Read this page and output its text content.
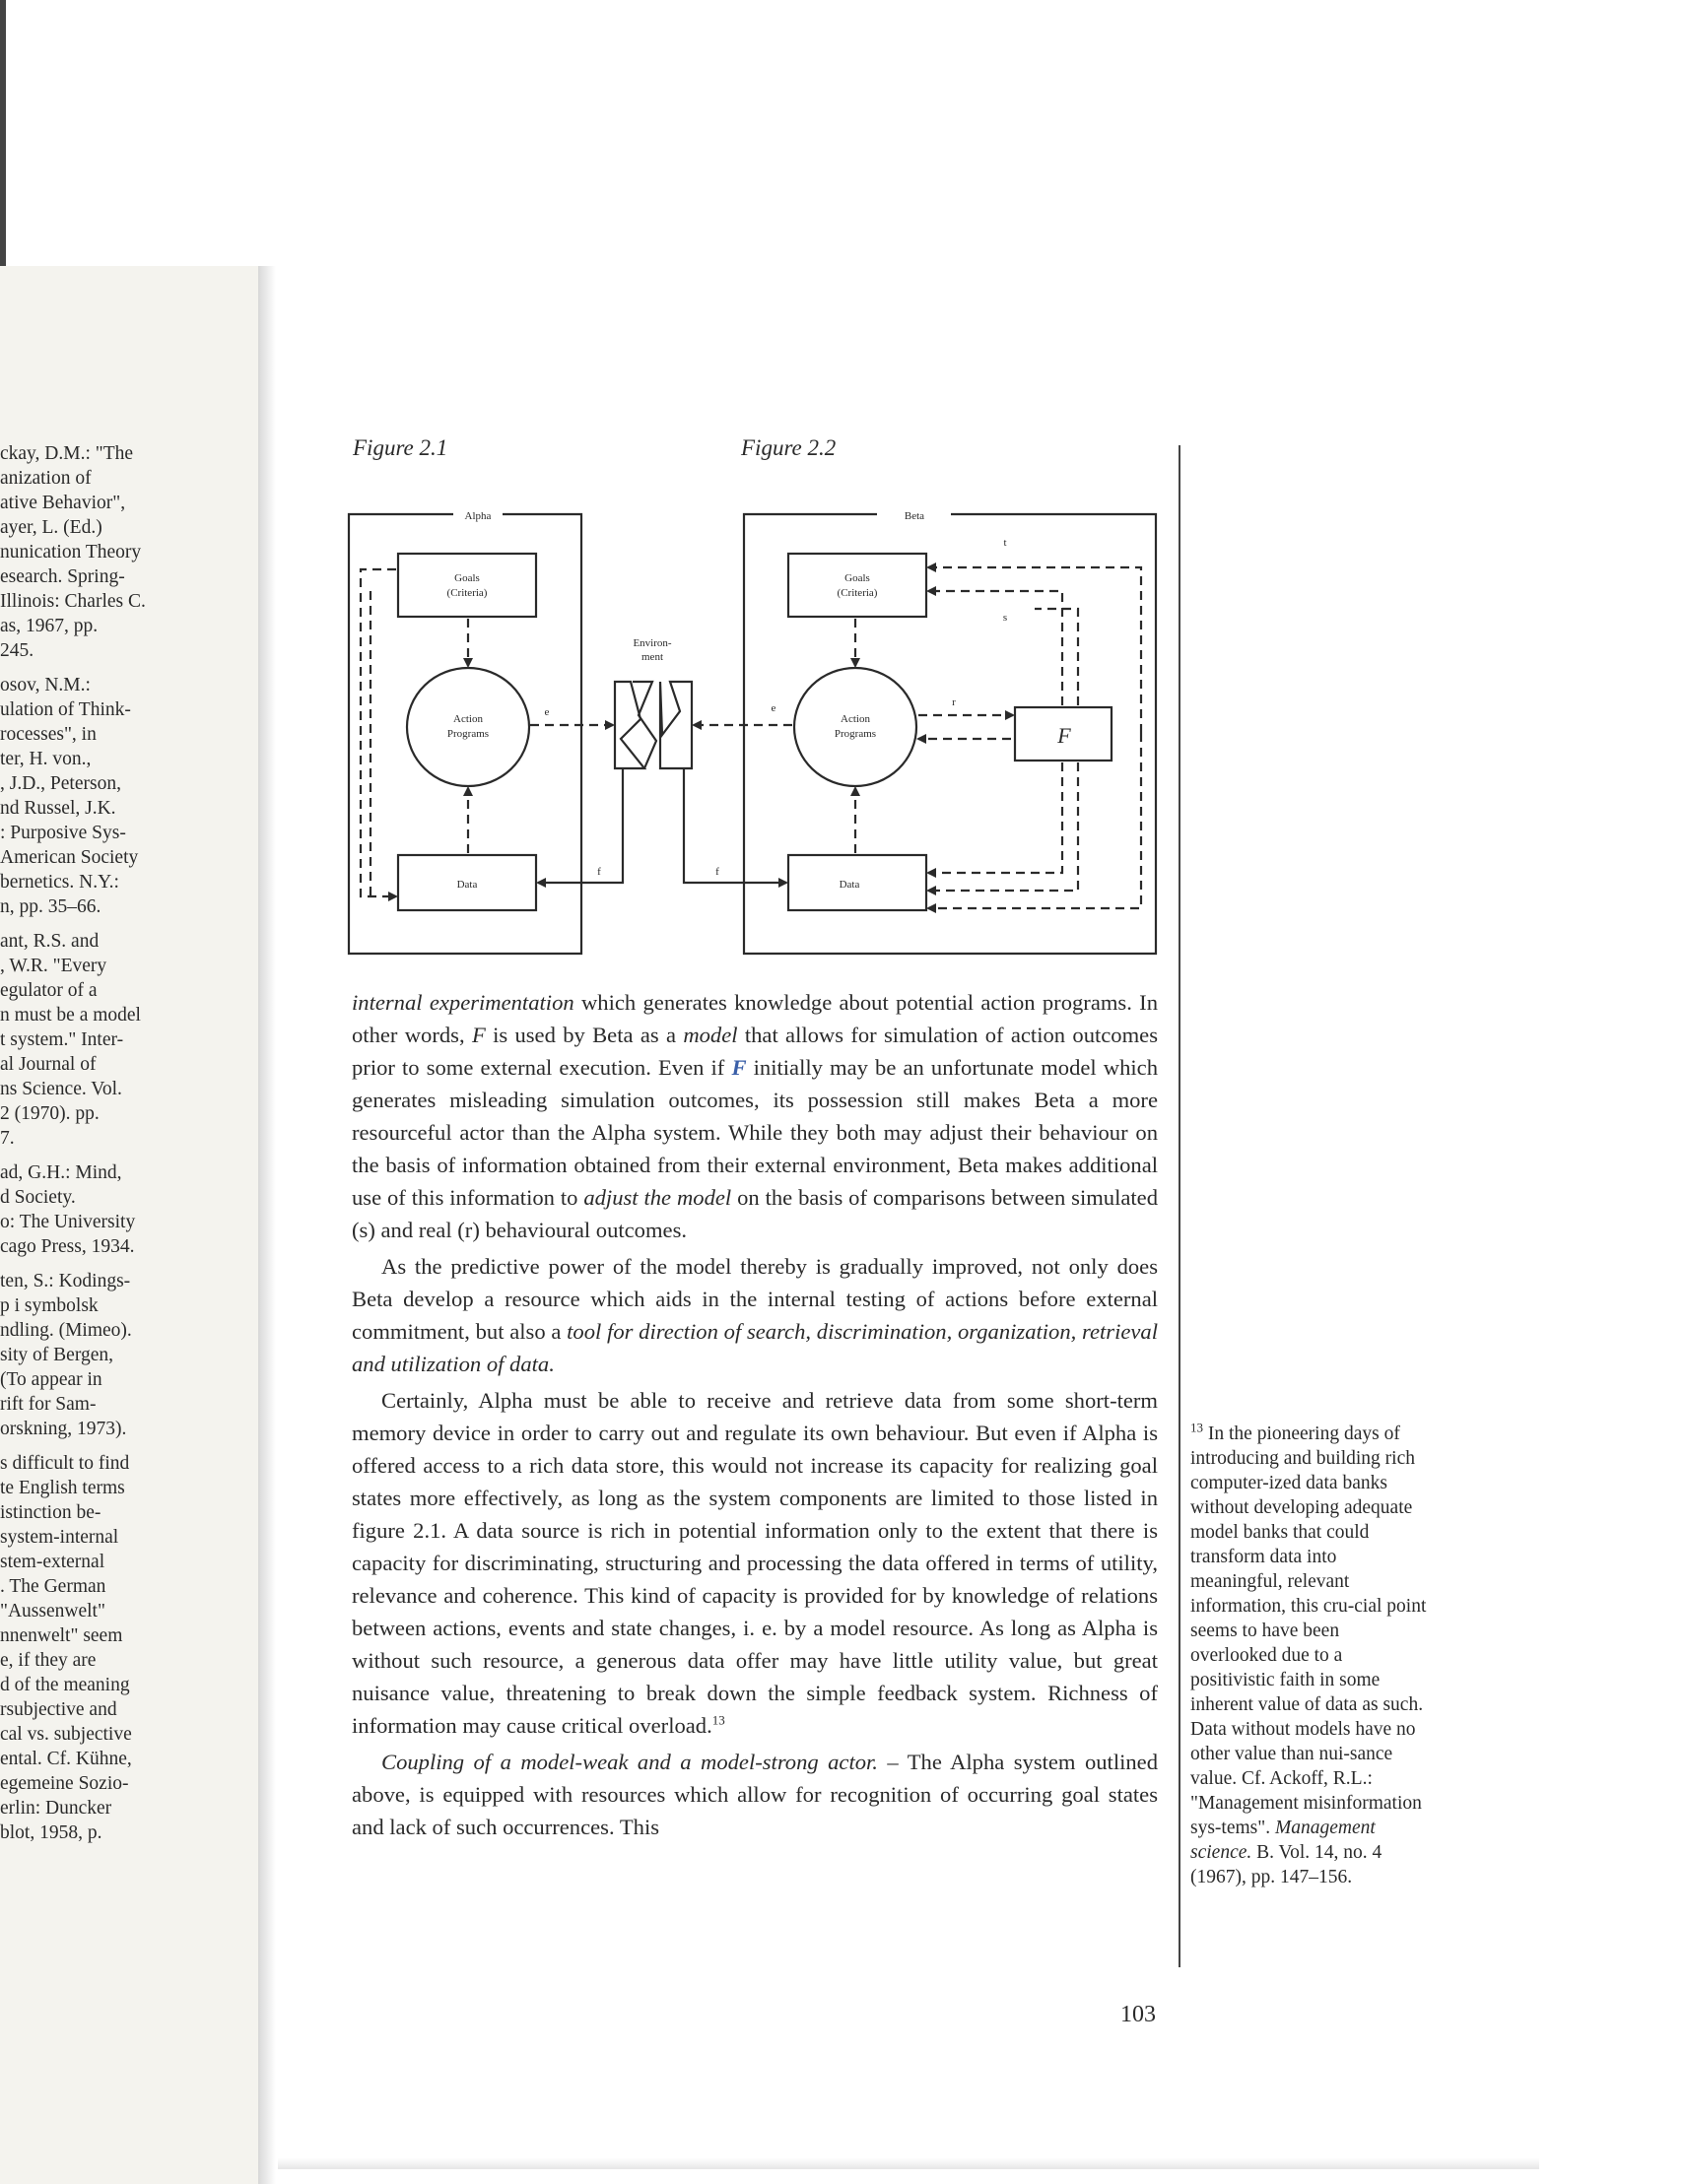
ckay, D.M.: "The
anization of
ative Behavior",
ayer, L. (Ed.)
nunication Theory
esearch. Spring-
Illinois: Charles C.
as, 1967, pp.
245.
osov, N.M.:
ulation of Think-
rocesses", in
ter, H. von.,
, J.D., Peterson,
nd Russel, J.K.
: Purposive Sys-
American Society
bernetics. N.Y.:
n, pp. 35–66.
ant, R.S. and
, W.R. "Every
egulator of a
n must be a model
t system." Inter-
al Journal of
ns Science. Vol.
2 (1970). pp.
7.
ad, G.H.: Mind,
d Society.
o: The University
cago Press, 1934.
ten, S.: Kodings-
p i symbolsk
ndling. (Mimeo).
sity of Bergen,
(To appear in
rift for Sam-
orskning, 1973).
s difficult to find
te English terms
istinction be-
system-internal
stem-external
. The German
"Aussenwelt"
nnenwelt" seem
e, if they are
d of the meaning
rsubjective and
cal vs. subjective
ental. Cf. Kühne,
egemeine Sozio-
erlin: Duncker
blot, 1958, p.
Figure 2.1	Figure 2.2
Alpha	Beta
Goals
(Criteria)
Goals
(Criteria)
Action
Programs
Action
Programs
Data	Data
Environ-
ment
e	e
f	f
r
s
t
F

internal experimentation which generates knowledge about potential action programs. In other words, F is used by Beta as a model that allows for simulation of action outcomes prior to some external execution. Even if F initially may be an unfortunate model which generates misleading simulation outcomes, its possession still makes Beta a more resourceful actor than the Alpha system. While they both may adjust their behaviour on the basis of information obtained from their external environment, Beta makes additional use of this information to adjust the model on the basis of comparisons between simulated (s) and real (r) behavioural outcomes.

As the predictive power of the model thereby is gradually improved, not only does Beta develop a resource which aids in the internal testing of actions before external commitment, but also a tool for direction of search, discrimination, organization, retrieval and utilization of data.

Certainly, Alpha must be able to receive and retrieve data from some short-term memory device in order to carry out and regulate its own behaviour. But even if Alpha is offered access to a rich data store, this would not increase its capacity for realizing goal states more effectively, as long as the system components are limited to those listed in figure 2.1. A data source is rich in potential information only to the extent that there is capacity for discriminating, structuring and processing the data offered in terms of utility, relevance and coherence. This kind of capacity is provided for by knowledge of relations between actions, events and state changes, i. e. by a model resource. As long as Alpha is without such resource, a generous data offer may have little utility value, but great nuisance value, threatening to break down the simple feedback system. Richness of information may cause critical overload.$^{13}$

Coupling of a model-weak and a model-strong actor. – The Alpha system outlined above, is equipped with resources which allow for recognition of occurring goal states and lack of such occurrences. This

$^{13}$ In the pioneering days of introducing and building rich computer-ized data banks without developing adequate model banks that could transform data into meaningful, relevant information, this cru-cial point seems to have been overlooked due to a positivistic faith in some inherent value of data as such. Data without models have no other value than nui-sance value. Cf. Ackoff, R.L.: "Management misinformation sys-tems". Management science. B. Vol. 14, no. 4 (1967), pp. 147–156.
103
